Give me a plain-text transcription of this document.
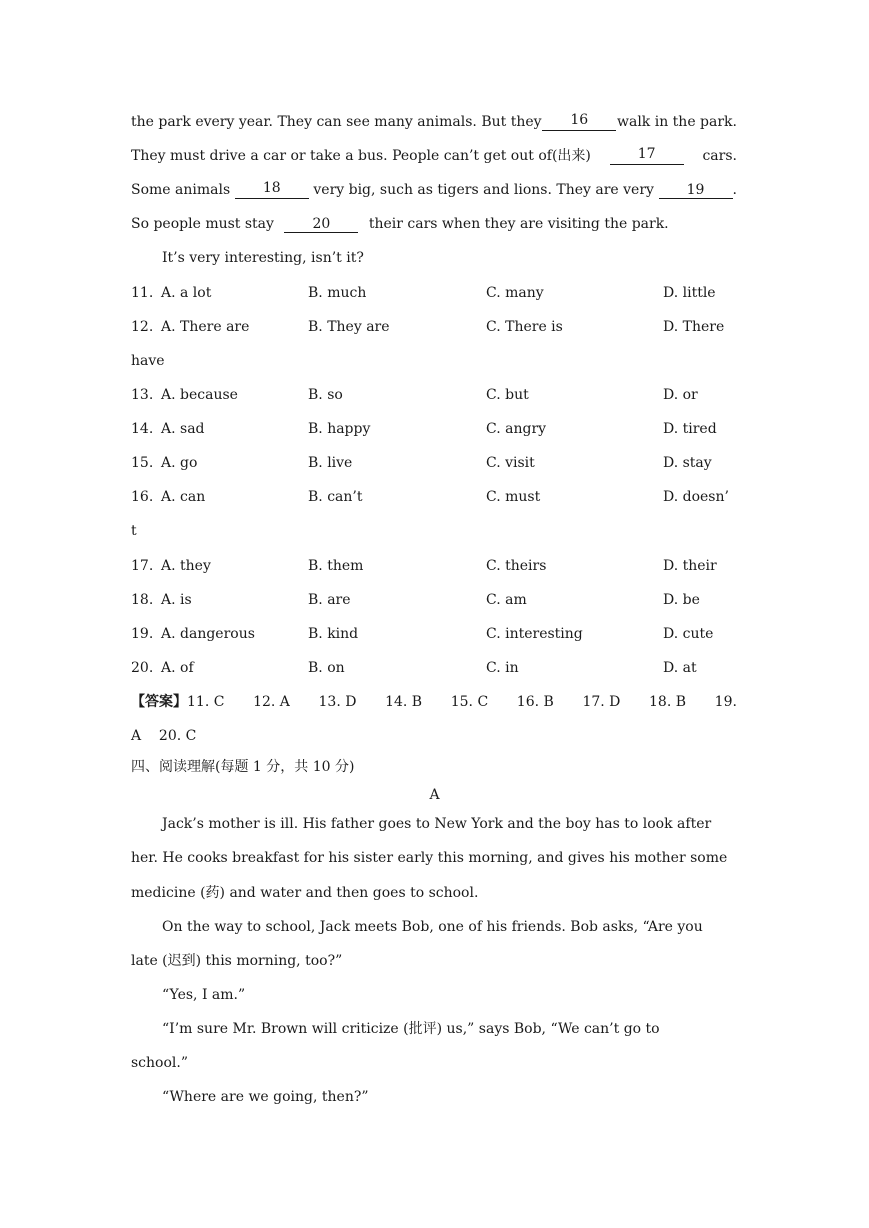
the park every year. They can see many animals. But they	16	walk in the park.
They must drive a car or take a bus. People can’t get out of(出来)	17	cars.
Some animals	18	very big, such as tigers and lions. They are very	19 .
So people must stay	20	their cars when they are visiting the park.
It’s very interesting, isn’t it?
11. A. a lot	B. much	C. many	D. little
12. A. There are	B. They are	C. There is	D. There
have
13. A. because	B. so	C. but	D. or
14. A. sad	B. happy	C. angry	D. tired
15. A. go	B. live	C. visit	D. stay
16. A. can	B. can’t	C. must	D. doesn’
t
17. A. they	B. them	C. theirs	D. their
18. A. is	B. are	C. am	D. be
19. A. dangerous	B. kind	C. interesting	D. cute
20. A. of	B. on	C. in	D. at
【答案】11. C 12. A 13. D 14. B 15. C 16. B 17. D 18. B 19.
A    20. C
四、阅读理解(每题 1 分，共 10 分)
A
Jack’s mother is ill. His father goes to New York and the boy has to look after
her. He cooks breakfast for his sister early this morning, and gives his mother some
medicine (药) and water and then goes to school.
On the way to school, Jack meets Bob, one of his friends. Bob asks, “Are you
late (迟到) this morning, too?”
“Yes, I am.”
“I’m sure Mr. Brown will criticize (批评) us,” says Bob, “We can’t go to
school.”
“Where are we going, then?”
